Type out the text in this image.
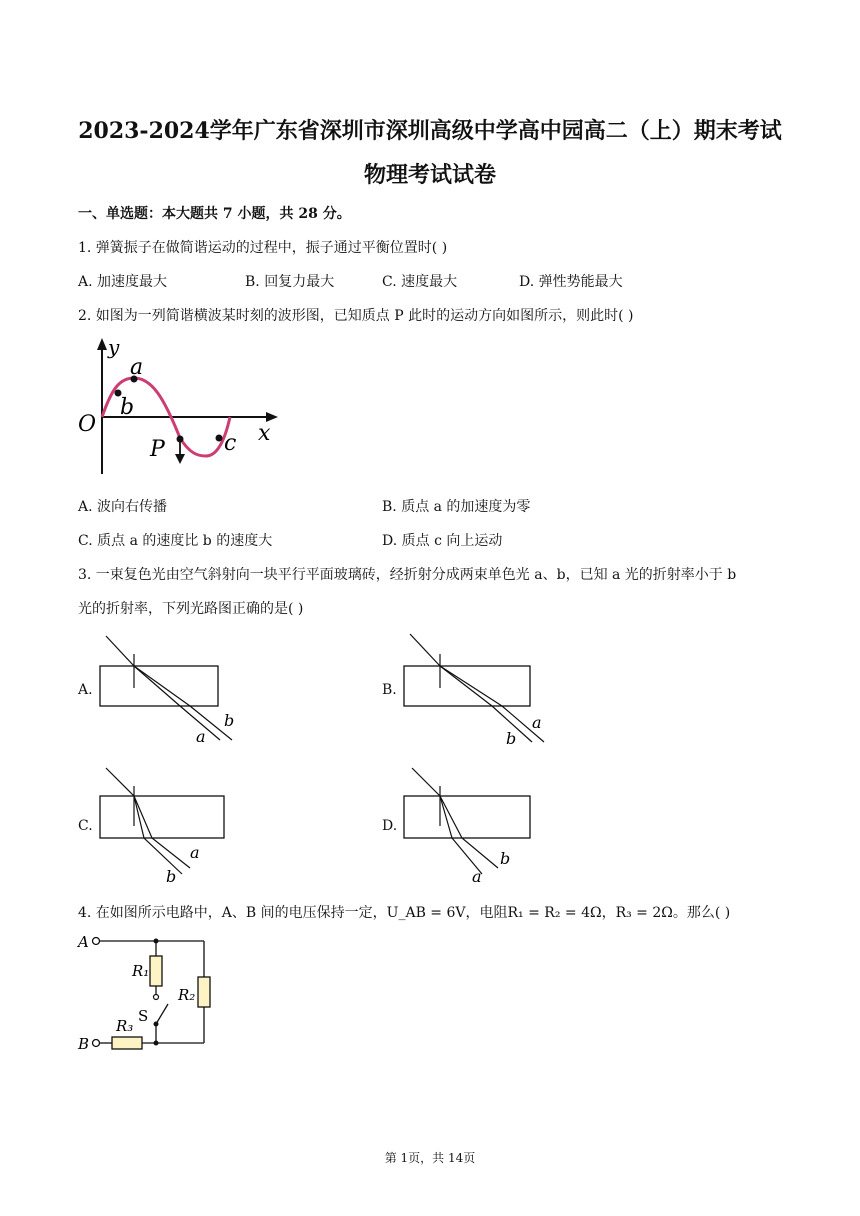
2023-2024学年广东省深圳市深圳高级中学高中园高二（上）期末考试
物理考试试卷
一、单选题：本大题共 7 小题，共 28 分。
1. 弹簧振子在做简谐运动的过程中，振子通过平衡位置时( )
A. 加速度最大	B. 回复力最大	C. 速度最大	D. 弹性势能最大
2. 如图为一列简谐横波某时刻的波形图，已知质点 P 此时的运动方向如图所示，则此时( )
y
x
O
a
b
P	c
A. 波向右传播	B. 质点 a 的加速度为零
C. 质点 a 的速度比 b 的速度大	D. 质点 c 向上运动
3. 一束复色光由空气斜射向一块平行平面玻璃砖，经折射分成两束单色光 a、b，已知 a 光的折射率小于 b
光的折射率，下列光路图正确的是( )
A.
b
a
B.
a
b
C.
a
b
D.
b
a
4. 在如图所示电路中，A、B 间的电压保持一定，U_AB = 6V，电阻R₁ = R₂ = 4Ω，R₃ = 2Ω。那么( )
A
B
R₁
R₂
R₃
S
第 1页，共 14页
